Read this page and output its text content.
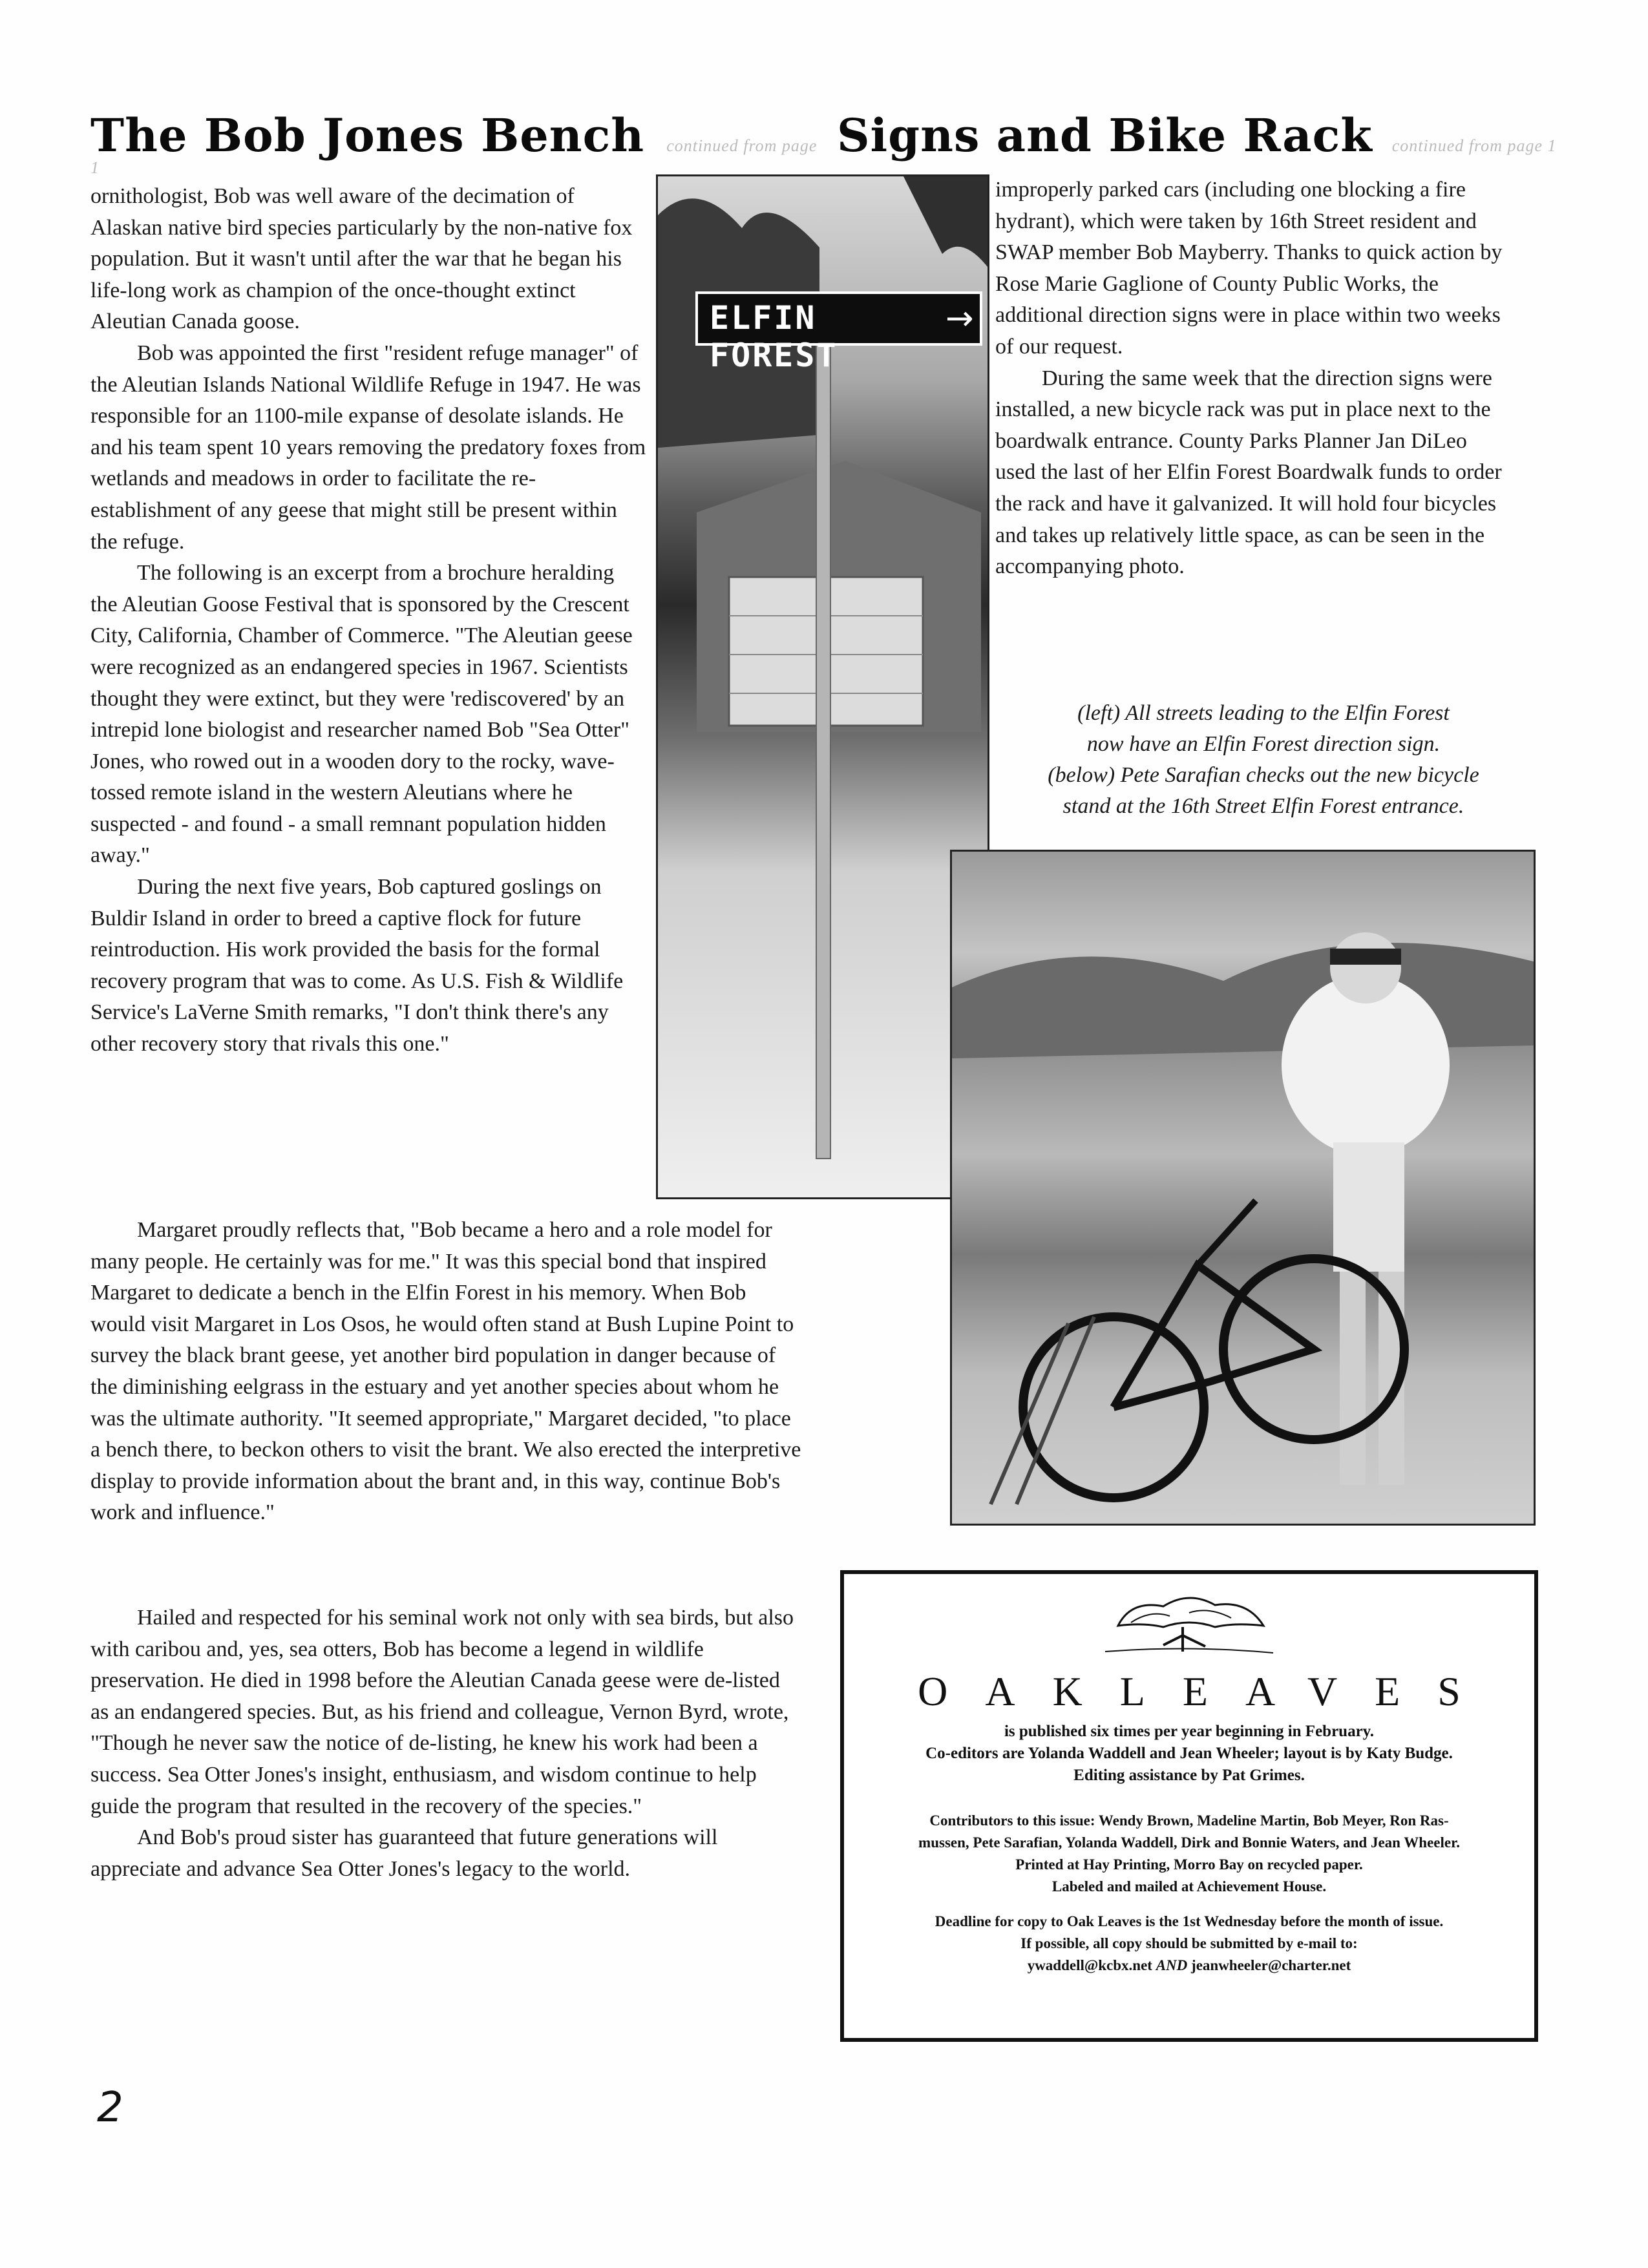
The Bob Jones Bench continued from page 1
Signs and Bike Rack continued from page 1
ELFIN FOREST
→

ornithologist, Bob was well aware of the decimation of Alaskan native bird species particularly by the non-native fox population. But it wasn't until after the war that he began his life-long work as champion of the once-thought extinct Aleutian Canada goose.

Bob was appointed the first "resident refuge manager" of the Aleutian Islands National Wildlife Refuge in 1947. He was responsible for an 1100-mile expanse of desolate islands. He and his team spent 10 years removing the predatory foxes from wetlands and meadows in order to facilitate the re-establishment of any geese that might still be present within the refuge.

The following is an excerpt from a brochure heralding the Aleutian Goose Festival that is sponsored by the Crescent City, California, Chamber of Commerce. "The Aleutian geese were recognized as an endangered species in 1967. Scientists thought they were extinct, but they were 'rediscovered' by an intrepid lone biologist and researcher named Bob "Sea Otter" Jones, who rowed out in a wooden dory to the rocky, wave-tossed remote island in the western Aleutians where he suspected - and found - a small remnant population hidden away."

During the next five years, Bob captured goslings on Buldir Island in order to breed a captive flock for future reintroduction. His work provided the basis for the formal recovery program that was to come. As U.S. Fish & Wildlife Service's LaVerne Smith remarks, "I don't think there's any other recovery story that rivals this one."

Margaret proudly reflects that, "Bob became a hero and a role model for many people. He certainly was for me." It was this special bond that inspired Margaret to dedicate a bench in the Elfin Forest in his memory. When Bob would visit Margaret in Los Osos, he would often stand at Bush Lupine Point to survey the black brant geese, yet another bird population in danger because of the diminishing eelgrass in the estuary and yet another species about whom he was the ultimate authority. "It seemed appropriate," Margaret decided, "to place a bench there, to beckon others to visit the brant. We also erected the interpretive display to provide information about the brant and, in this way, continue Bob's work and influence."

Hailed and respected for his seminal work not only with sea birds, but also with caribou and, yes, sea otters, Bob has become a legend in wildlife preservation. He died in 1998 before the Aleutian Canada geese were de-listed as an endangered species. But, as his friend and colleague, Vernon Byrd, wrote, "Though he never saw the notice of de-listing, he knew his work had been a success. Sea Otter Jones's insight, enthusiasm, and wisdom continue to help guide the program that resulted in the recovery of the species."

And Bob's proud sister has guaranteed that future generations will appreciate and advance Sea Otter Jones's legacy to the world.

improperly parked cars (including one blocking a fire hydrant), which were taken by 16th Street resident and SWAP member Bob Mayberry. Thanks to quick action by Rose Marie Gaglione of County Public Works, the additional direction signs were in place within two weeks of our request.

During the same week that the direction signs were installed, a new bicycle rack was put in place next to the boardwalk entrance. County Parks Planner Jan DiLeo used the last of her Elfin Forest Boardwalk funds to order the rack and have it galvanized. It will hold four bicycles and takes up relatively little space, as can be seen in the accompanying photo.

(left) All streets leading to the Elfin Forest
now have an Elfin Forest direction sign.
(below) Pete Sarafian checks out the new bicycle
stand at the 16th Street Elfin Forest entrance.
OAKLEAVES

is published six times per year beginning in February.

Co-editors are Yolanda Waddell and Jean Wheeler; layout is by Katy Budge.

Editing assistance by Pat Grimes.

Contributors to this issue: Wendy Brown, Madeline Martin, Bob Meyer, Ron Ras-

mussen, Pete Sarafian, Yolanda Waddell, Dirk and Bonnie Waters, and Jean Wheeler.

Printed at Hay Printing, Morro Bay on recycled paper.

Labeled and mailed at Achievement House.

Deadline for copy to Oak Leaves is the 1st Wednesday before the month of issue.

If possible, all copy should be submitted by e-mail to:

ywaddell@kcbx.net AND jeanwheeler@charter.net

2
